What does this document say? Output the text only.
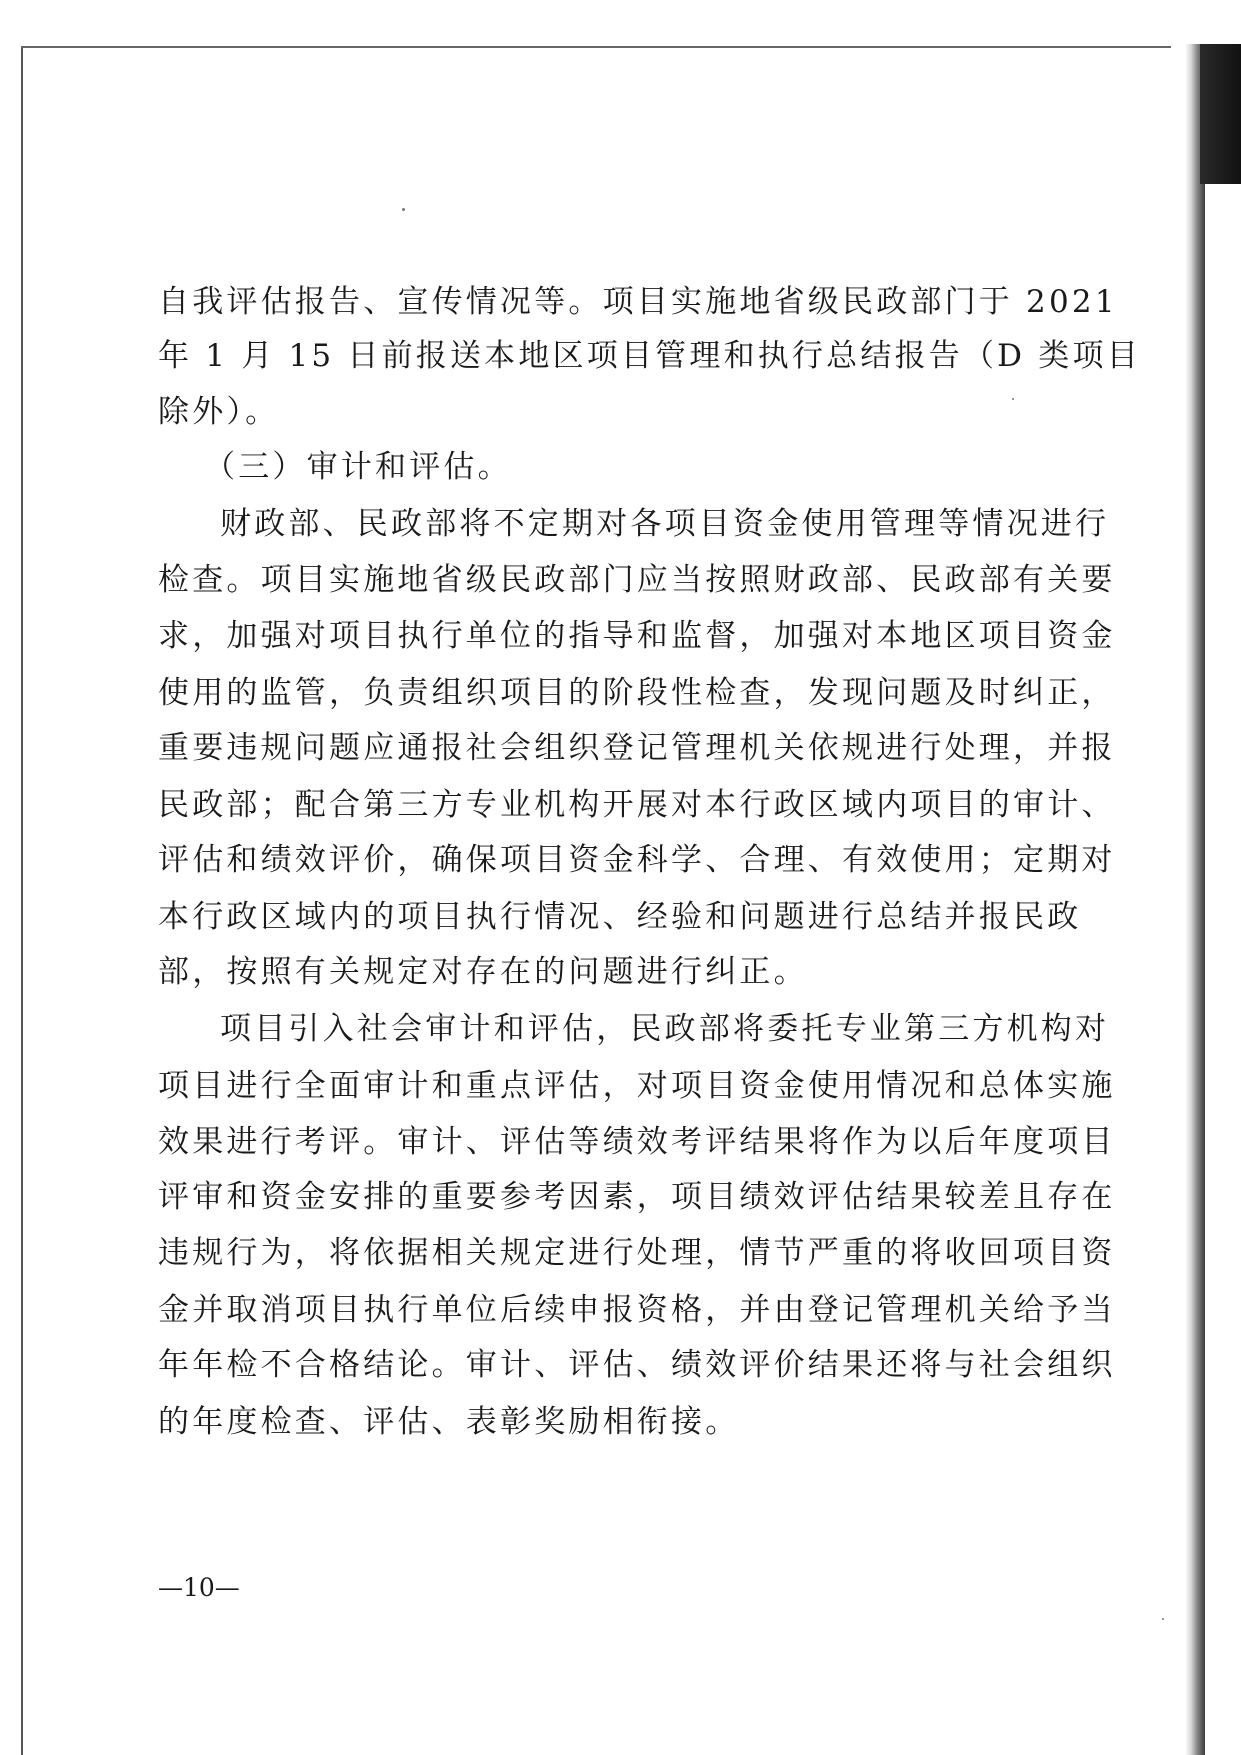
自我评估报告、宣传情况等。项目实施地省级民政部门于 2021
年 1 月 15 日前报送本地区项目管理和执行总结报告（D 类项目
除外）。
（三）审计和评估。
财政部、民政部将不定期对各项目资金使用管理等情况进行
检查。项目实施地省级民政部门应当按照财政部、民政部有关要
求，加强对项目执行单位的指导和监督，加强对本地区项目资金
使用的监管，负责组织项目的阶段性检查，发现问题及时纠正，
重要违规问题应通报社会组织登记管理机关依规进行处理，并报
民政部；配合第三方专业机构开展对本行政区域内项目的审计、
评估和绩效评价，确保项目资金科学、合理、有效使用；定期对
本行政区域内的项目执行情况、经验和问题进行总结并报民政
部，按照有关规定对存在的问题进行纠正。
项目引入社会审计和评估，民政部将委托专业第三方机构对
项目进行全面审计和重点评估，对项目资金使用情况和总体实施
效果进行考评。审计、评估等绩效考评结果将作为以后年度项目
评审和资金安排的重要参考因素，项目绩效评估结果较差且存在
违规行为，将依据相关规定进行处理，情节严重的将收回项目资
金并取消项目执行单位后续申报资格，并由登记管理机关给予当
年年检不合格结论。审计、评估、绩效评价结果还将与社会组织
的年度检查、评估、表彰奖励相衔接。
—10—
